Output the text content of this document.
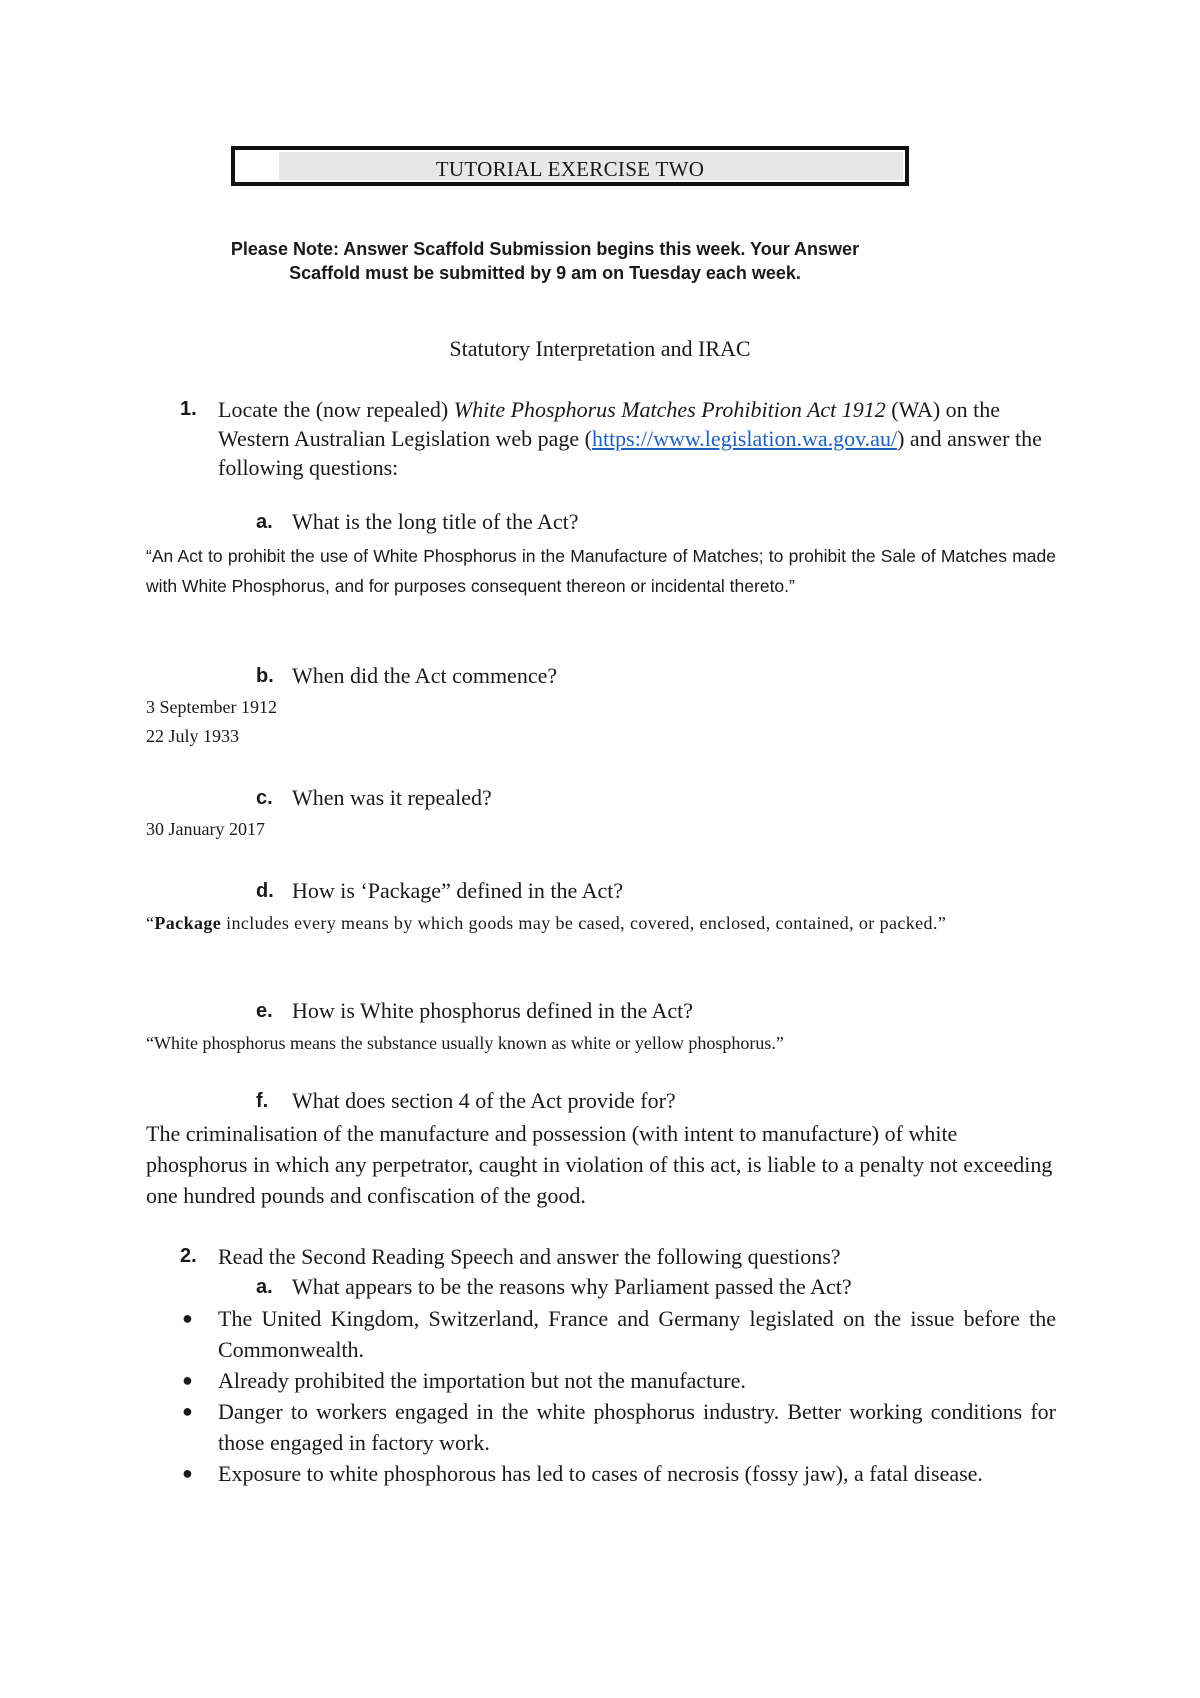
TUTORIAL EXERCISE TWO
Please Note: Answer Scaffold Submission begins this week. Your Answer
Scaffold must be submitted by 9 am on Tuesday each week.
Statutory Interpretation and IRAC
1. Locate the (now repealed) White Phosphorus Matches Prohibition Act 1912 (WA) on the Western Australian Legislation web page (https://www.legislation.wa.gov.au/) and answer the following questions:
a. What is the long title of the Act?
“An Act to prohibit the use of White Phosphorus in the Manufacture of Matches; to prohibit the Sale of Matches made with White Phosphorus, and for purposes consequent thereon or incidental thereto.”
b. When did the Act commence?
3 September 1912
22 July 1933
c. When was it repealed?
30 January 2017
d. How is ‘Package” defined in the Act?
“Package includes every means by which goods may be cased, covered, enclosed, contained, or packed.”
e. How is White phosphorus defined in the Act?
“White phosphorus means the substance usually known as white or yellow phosphorus.”
f. What does section 4 of the Act provide for?
The criminalisation of the manufacture and possession (with intent to manufacture) of white phosphorus in which any perpetrator, caught in violation of this act, is liable to a penalty not exceeding one hundred pounds and confiscation of the good.
2. Read the Second Reading Speech and answer the following questions?
a. What appears to be the reasons why Parliament passed the Act?
● The United Kingdom, Switzerland, France and Germany legislated on the issue before the Commonwealth.
● Already prohibited the importation but not the manufacture.
● Danger to workers engaged in the white phosphorus industry. Better working conditions for those engaged in factory work.
● Exposure to white phosphorous has led to cases of necrosis (fossy jaw), a fatal disease.
